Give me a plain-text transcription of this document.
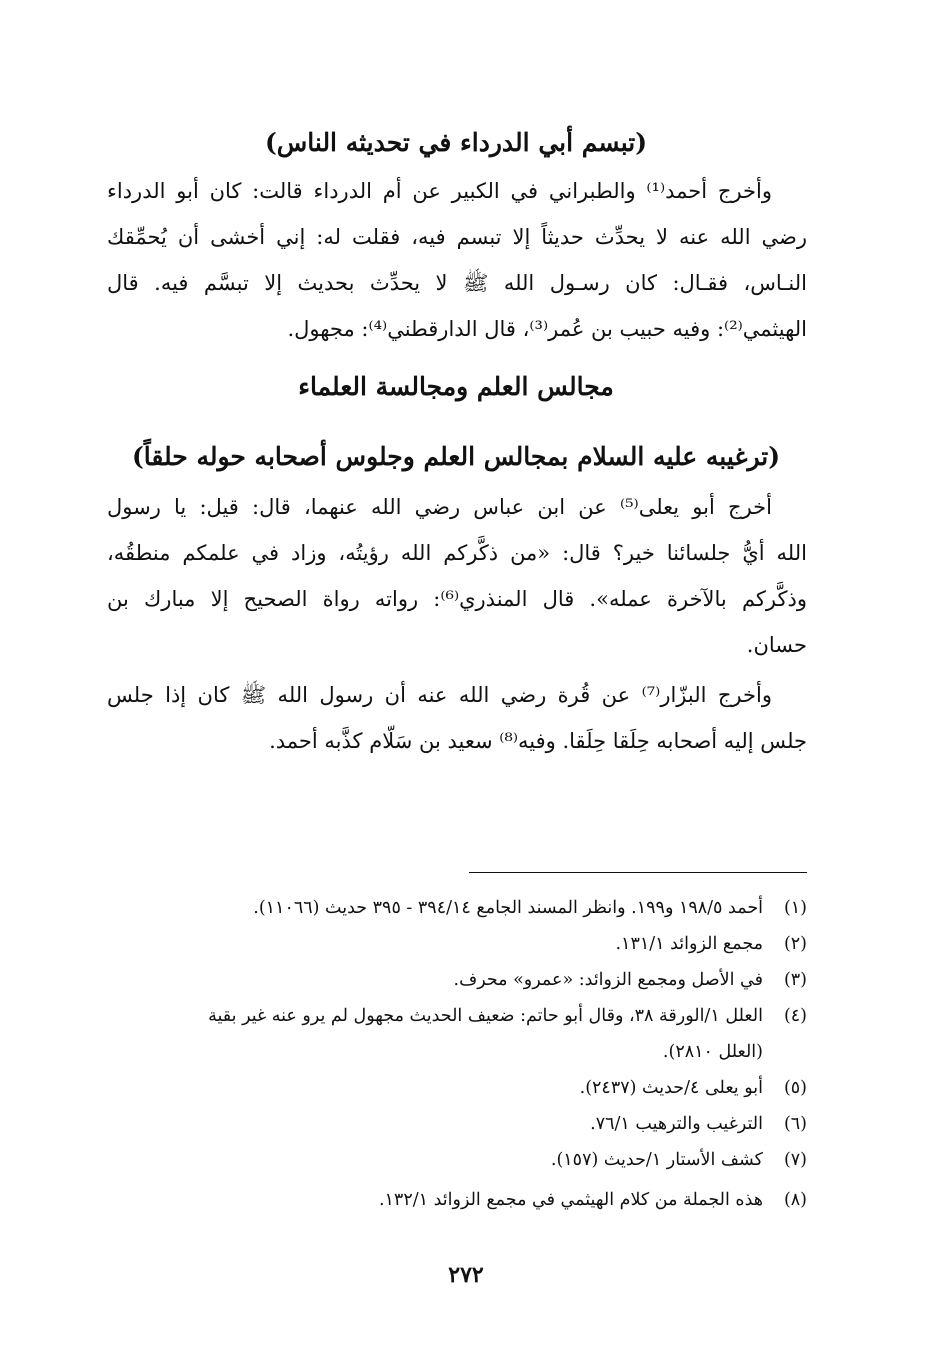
(تبسم أبي الدرداء في تحديثه الناس)
وأخرج أحمد⁽¹⁾ والطبراني في الكبير عن أم الدرداء قالت: كان أبو الدرداء
رضي الله عنه لا يحدِّث حديثاً إلا تبسم فيه، فقلت له: إني أخشى أن يُحمِّقك
النـاس، فقـال: كان رسـول الله ﷺ لا يحدِّث بحديث إلا تبسَّم فيه. قال
الهيثمي⁽²⁾: وفيه حبيب بن عُمر⁽³⁾، قال الدارقطني⁽⁴⁾: مجهول.
مجالس العلم ومجالسة العلماء
(ترغيبه عليه السلام بمجالس العلم وجلوس أصحابه حوله حلقاً)
أخرج أبو يعلى⁽⁵⁾ عن ابن عباس رضي الله عنهما، قال: قيل: يا رسول
الله أيُّ جلسائنا خير؟ قال: «من ذكَّركم الله رؤيتُه، وزاد في علمكم منطقُه،
وذكَّركم بالآخرة عمله». قال المنذري⁽⁶⁾: رواته رواة الصحيح إلا مبارك بن
حسان.
وأخرج البزّار⁽⁷⁾ عن قُرة رضي الله عنه أن رسول الله ﷺ كان إذا جلس
جلس إليه أصحابه حِلَقا حِلَقا. وفيه⁽⁸⁾ سعيد بن سَلّام كذَّبه أحمد.
(١)
أحمد ١٩٨/٥ و١٩٩. وانظر المسند الجامع ٣٩٤/١٤ - ٣٩٥ حديث (١١٠٦٦).
(٢)
مجمع الزوائد ١٣١/١.
(٣)
في الأصل ومجمع الزوائد: «عمرو» محرف.
(٤)
العلل ١/الورقة ٣٨، وقال أبو حاتم: ضعيف الحديث مجهول لم يرو عنه غير بقية
(العلل ٢٨١٠).
(٥)
أبو يعلى ٤/حديث (٢٤٣٧).
(٦)
الترغيب والترهيب ٧٦/١.
(٧)
كشف الأستار ١/حديث (١٥٧).
(٨)
هذه الجملة من كلام الهيثمي في مجمع الزوائد ١٣٢/١.
٢٧٢
